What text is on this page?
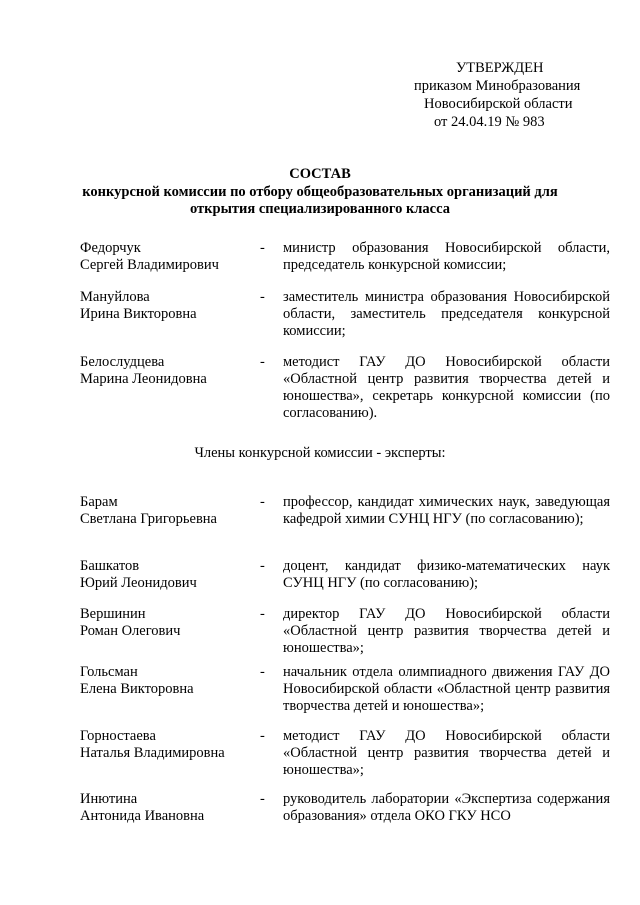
УТВЕРЖДЕН
приказом Минобразования
Новосибирской области
от 24.04.19 № 983
СОСТАВ
конкурсной комиссии по отбору общеобразовательных организаций для
открытия специализированного класса
Федорчук
Сергей Владимирович
-	министр образования Новосибирской области, председатель конкурсной комиссии;
Мануйлова
Ирина Викторовна
-	заместитель министра образования Новосибирской области, заместитель председателя конкурсной комиссии;
Белослудцева
Марина Леонидовна
-	методист ГАУ ДО Новосибирской области «Областной центр развития творчества детей и юношества», секретарь конкурсной комиссии (по согласованию).
Барам
Светлана Григорьевна
-	профессор, кандидат химических наук, заведующая кафедрой химии СУНЦ НГУ (по согласованию);
Башкатов
Юрий Леонидович
-	доцент, кандидат физико-математических наук СУНЦ НГУ (по согласованию);
Вершинин
Роман Олегович
-	директор ГАУ ДО Новосибирской области «Областной центр развития творчества детей и юношества»;
Гольсман
Елена Викторовна
-	начальник отдела олимпиадного движения ГАУ ДО Новосибирской области «Областной центр развития творчества детей и юношества»;
Горностаева
Наталья Владимировна
-	методист ГАУ ДО Новосибирской области «Областной центр развития творчества детей и юношества»;
Инютина
Антонида Ивановна
-	руководитель лаборатории «Экспертиза содержания образования» отдела ОКО ГКУ НСО
Члены конкурсной комиссии - эксперты:
